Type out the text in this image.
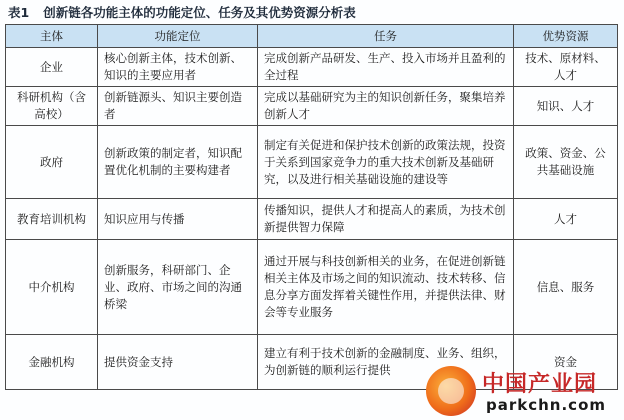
表1 创新链各功能主体的功能定位、任务及其优势资源分析表
主体	功能定位	任务	优势资源
企业	核心创新主体，技术创新、知识的主要应用者	完成创新产品研发、生产、投入市场并且盈利的全过程	技术、原材料、人才
科研机构（含高校）	创新链源头、知识主要创造者	完成以基础研究为主的知识创新任务，聚集培养创新人才	知识、人才
政府	创新政策的制定者，知识配置优化机制的主要构建者	制定有关促进和保护技术创新的政策法规，投资于关系到国家竞争力的重大技术创新及基础研究，以及进行相关基础设施的建设等	政策、资金、公共基础设施
教育培训机构	知识应用与传播	传播知识，提供人才和提高人的素质，为技术创新提供智力保障	人才
中介机构	创新服务，科研部门、企业、政府、市场之间的沟通桥梁	通过开展与科技创新相关的业务，在促进创新链相关主体及市场之间的知识流动、技术转移、信息分享方面发挥着关键性作用，并提供法律、财会等专业服务	信息、服务
金融机构	提供资金支持	建立有利于技术创新的金融制度、业务、组织，为创新链的顺利运行提供	资金
中国产业园
parkchn.com
